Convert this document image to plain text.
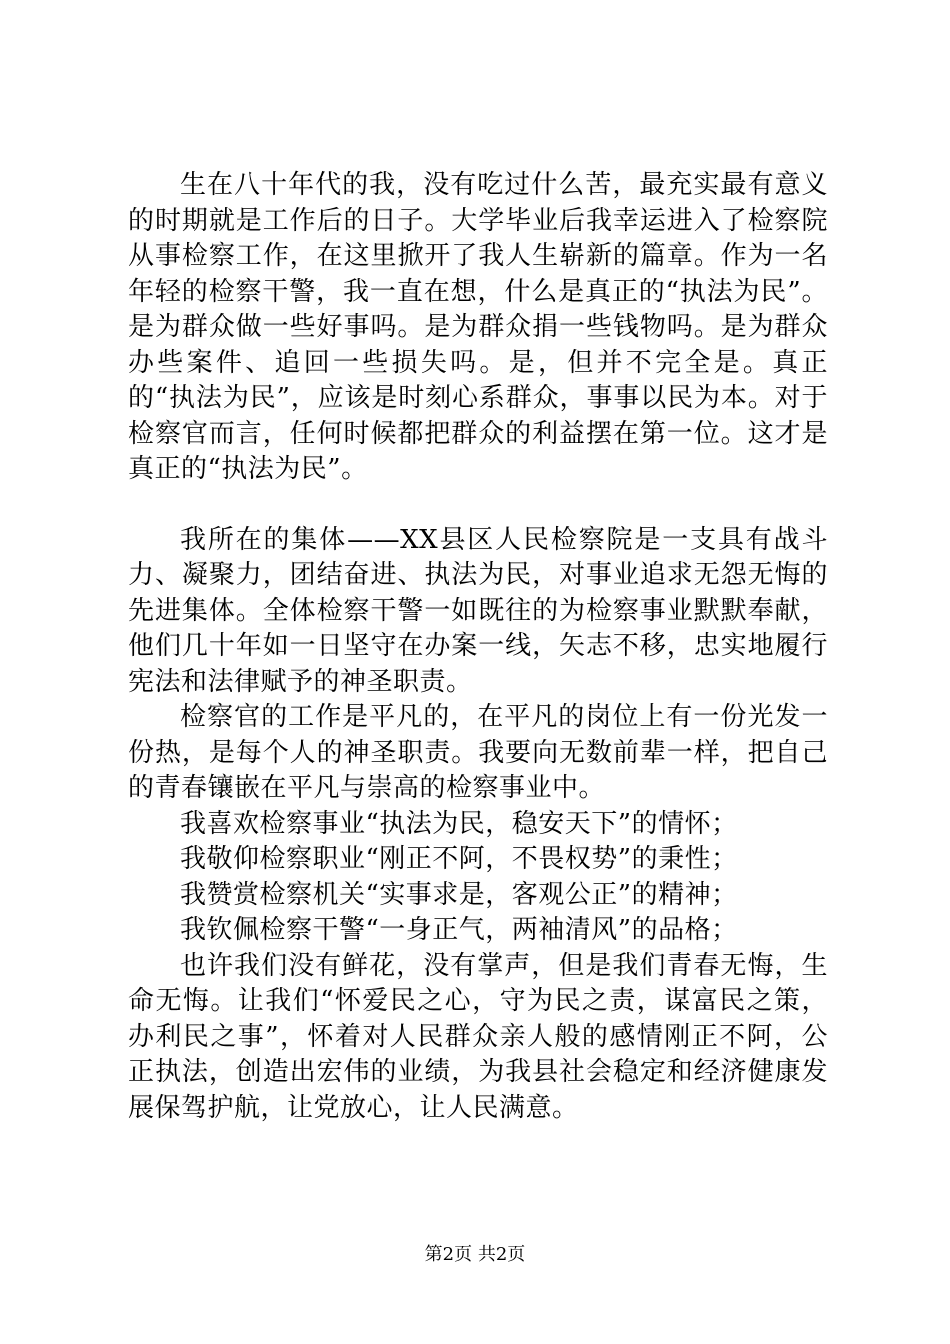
生在八十年代的我，没有吃过什么苦，最充实最有意义的时期就是工作后的日子。大学毕业后我幸运进入了检察院从事检察工作，在这里掀开了我人生崭新的篇章。作为一名年轻的检察干警，我一直在想，什么是真正的“执法为民”。是为群众做一些好事吗。是为群众捐一些钱物吗。是为群众办些案件、追回一些损失吗。是，但并不完全是。真正的“执法为民”，应该是时刻心系群众，事事以民为本。对于检察官而言，任何时候都把群众的利益摆在第一位。这才是真正的“执法为民”。

我所在的集体——XX县区人民检察院是一支具有战斗力、凝聚力，团结奋进、执法为民，对事业追求无怨无悔的先进集体。全体检察干警一如既往的为检察事业默默奉献，他们几十年如一日坚守在办案一线，矢志不移，忠实地履行宪法和法律赋予的神圣职责。

检察官的工作是平凡的，在平凡的岗位上有一份光发一份热，是每个人的神圣职责。我要向无数前辈一样，把自己的青春镶嵌在平凡与崇高的检察事业中。

我喜欢检察事业“执法为民，稳安天下”的情怀；

我敬仰检察职业“刚正不阿，不畏权势”的秉性；

我赞赏检察机关“实事求是，客观公正”的精神；

我钦佩检察干警“一身正气，两袖清风”的品格；

也许我们没有鲜花，没有掌声，但是我们青春无悔，生命无悔。让我们“怀爱民之心，守为民之责，谋富民之策，办利民之事”，怀着对人民群众亲人般的感情刚正不阿，公正执法，创造出宏伟的业绩，为我县社会稳定和经济健康发展保驾护航，让党放心，让人民满意。

第2页 共2页
